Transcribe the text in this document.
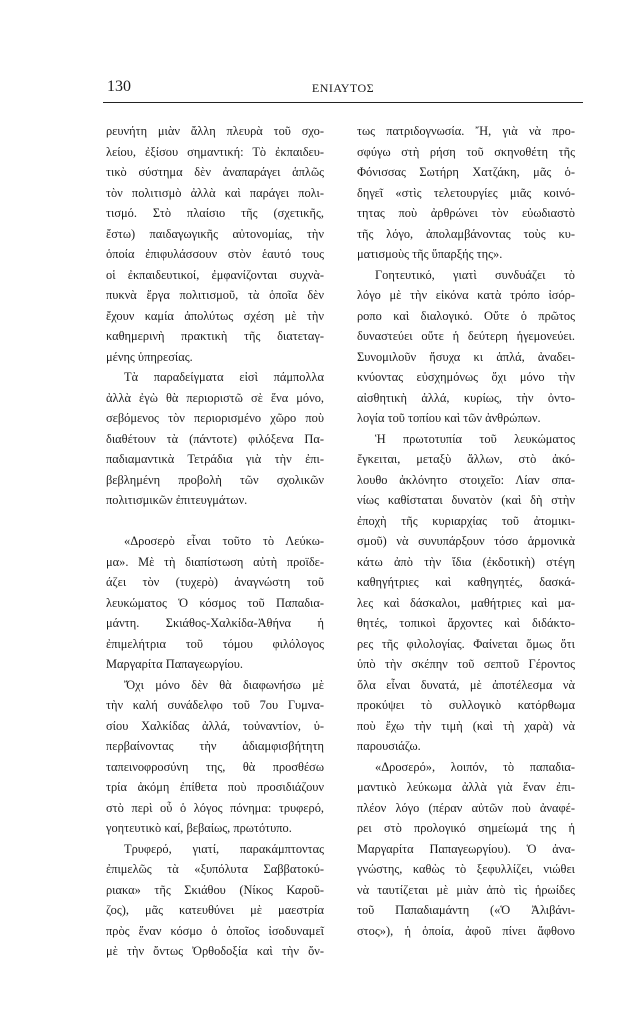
130	ΕΝΙΑΥΤΟΣ
ρευνήτη μιὰν ἄλλη πλευρὰ τοῦ σχο-
λείου, ἐξίσου σημαντική: Τὸ ἐκπαιδευ-
τικὸ σύστημα δὲν ἀναπαράγει ἁπλῶς
τὸν πολιτισμὸ ἀλλὰ καὶ παράγει πολι-
τισμό. Στὸ πλαίσιο τῆς (σχετικῆς,
ἔστω) παιδαγωγικῆς αὐτονομίας, τὴν
ὁποία ἐπιφυλάσσουν στὸν ἑαυτό τους
οἱ ἐκπαιδευτικοί, ἐμφανίζονται συχνὰ-
πυκνὰ ἔργα πολιτισμοῦ, τὰ ὁποῖα δὲν
ἔχουν καμία ἀπολύτως σχέση μὲ τὴν
καθημερινὴ πρακτικὴ τῆς διατεταγ-
μένης ὑπηρεσίας.
Τὰ παραδείγματα εἰσὶ πάμπολλα
ἀλλὰ ἐγὼ θὰ περιοριστῶ σὲ ἕνα μόνο,
σεβόμενος τὸν περιορισμένο χῶρο ποὺ
διαθέτουν τὰ (πάντοτε) φιλόξενα Πα-
παδιαμαντικὰ Τετράδια γιὰ τὴν ἐπι-
βεβλημένη προβολὴ τῶν σχολικῶν
πολιτισμικῶν ἐπιτευγμάτων.
«Δροσερὸ εἶναι τοῦτο τὸ Λεύκω-
μα». Μὲ τὴ διαπίστωση αὐτὴ προϊδε-
άζει τὸν (τυχερὸ) ἀναγνώστη τοῦ
λευκώματος Ὁ κόσμος τοῦ Παπαδια-
μάντη. Σκιάθος-Χαλκίδα-Ἀθήνα ἡ
ἐπιμελήτρια τοῦ τόμου φιλόλογος
Μαργαρίτα Παπαγεωργίου.
Ὄχι μόνο δὲν θὰ διαφωνήσω μὲ
τὴν καλή συνάδελφο τοῦ 7ου Γυμνα-
σίου Χαλκίδας ἀλλά, τοὐναντίον, ὑ-
περβαίνοντας τὴν ἀδιαμφισβήτητη
ταπεινοφροσύνη της, θὰ προσθέσω
τρία ἀκόμη ἐπίθετα ποὺ προσιδιάζουν
στὸ περὶ οὗ ὁ λόγος πόνημα: τρυφερό,
γοητευτικὸ καί, βεβαίως, πρωτότυπο.
Τρυφερό, γιατί, παρακάμπτοντας
ἐπιμελῶς τὰ «ξυπόλυτα Σαββατοκύ-
ριακα» τῆς Σκιάθου (Νίκος Καροῦ-
ζος), μᾶς κατευθύνει μὲ μαεστρία
πρὸς ἕναν κόσμο ὁ ὁποῖος ἰσοδυναμεῖ
μὲ τὴν ὄντως Ὀρθοδοξία καὶ τὴν ὄν-
τως πατριδογνωσία. Ἤ, γιὰ νὰ προ-
σφύγω στὴ ρήση τοῦ σκηνοθέτη τῆς
Φόνισσας Σωτήρη Χατζάκη, μᾶς ὁ-
δηγεῖ «στὶς τελετουργίες μιᾶς κοινό-
τητας ποὺ ἀρθρώνει τὸν εὐωδιαστὸ
τῆς λόγο, ἀπολαμβάνοντας τοὺς κυ-
ματισμοὺς τῆς ὕπαρξής της».
Γοητευτικό, γιατὶ συνδυάζει τὸ
λόγο μὲ τὴν εἰκόνα κατὰ τρόπο ἰσόρ-
ροπο καὶ διαλογικό. Οὔτε ὁ πρῶτος
δυναστεύει οὔτε ἡ δεύτερη ἡγεμονεύει.
Συνομιλοῦν ἥσυχα κι ἁπλά, ἀναδει-
κνύοντας εὐσχημόνως ὄχι μόνο τὴν
αἰσθητικὴ ἀλλά, κυρίως, τὴν ὀντο-
λογία τοῦ τοπίου καὶ τῶν ἀνθρώπων.
Ἡ πρωτοτυπία τοῦ λευκώματος
ἔγκειται, μεταξὺ ἄλλων, στὸ ἀκό-
λουθο ἀκλόνητο στοιχεῖο: Λίαν σπα-
νίως καθίσταται δυνατὸν (καὶ δὴ στὴν
ἐποχὴ τῆς κυριαρχίας τοῦ ἀτομικι-
σμοῦ) νὰ συνυπάρξουν τόσο ἁρμονικὰ
κάτω ἀπὸ τὴν ἴδια (ἐκδοτικὴ) στέγη
καθηγήτριες καὶ καθηγητές, δασκά-
λες καὶ δάσκαλοι, μαθήτριες καὶ μα-
θητές, τοπικοὶ ἄρχοντες καὶ διδάκτο-
ρες τῆς φιλολογίας. Φαίνεται ὅμως ὅτι
ὑπὸ τὴν σκέπην τοῦ σεπτοῦ Γέροντος
ὅλα εἶναι δυνατά, μὲ ἀποτέλεσμα νὰ
προκύψει τὸ συλλογικὸ κατόρθωμα
ποὺ ἔχω τὴν τιμὴ (καὶ τὴ χαρὰ) νὰ
παρουσιάζω.
«Δροσερό», λοιπόν, τὸ παπαδια-
μαντικὸ λεύκωμα ἀλλὰ γιὰ ἕναν ἐπι-
πλέον λόγο (πέραν αὐτῶν ποὺ ἀναφέ-
ρει στὸ προλογικό σημείωμά της ἡ
Μαργαρίτα Παπαγεωργίου). Ὁ ἀνα-
γνώστης, καθὼς τὸ ξεφυλλίζει, νιώθει
νὰ ταυτίζεται μὲ μιὰν ἀπὸ τὶς ἡρωίδες
τοῦ Παπαδιαμάντη («Ὁ Ἀλιβάνι-
στος»), ἡ ὁποία, ἀφοῦ πίνει ἄφθονο
